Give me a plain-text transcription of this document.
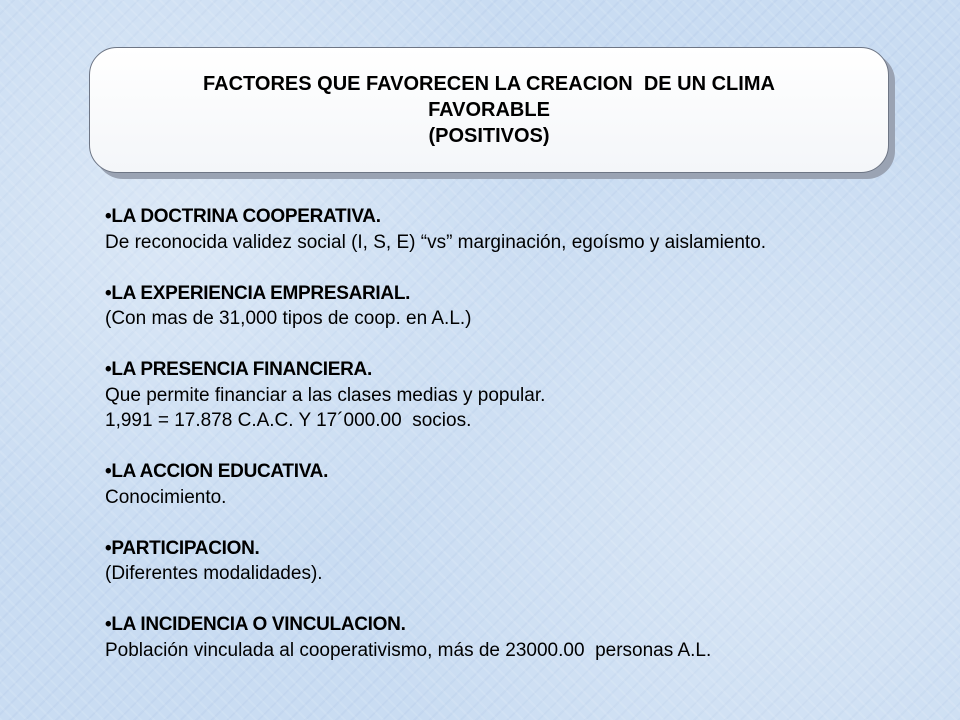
FACTORES QUE FAVORECEN LA CREACION  DE UN CLIMA
FAVORABLE
(POSITIVOS)
•LA DOCTRINA COOPERATIVA.
De reconocida validez social (I, S, E) “vs” marginación, egoísmo y aislamiento.
•LA EXPERIENCIA EMPRESARIAL.
(Con mas de 31,000 tipos de coop. en A.L.)
•LA PRESENCIA FINANCIERA.
Que permite financiar a las clases medias y popular.
1,991 = 17.878 C.A.C. Y 17´000.00  socios.
•LA ACCION EDUCATIVA.
Conocimiento.
•PARTICIPACION.
(Diferentes modalidades).
•LA INCIDENCIA O VINCULACION.
Población vinculada al cooperativismo, más de 23000.00  personas A.L.
